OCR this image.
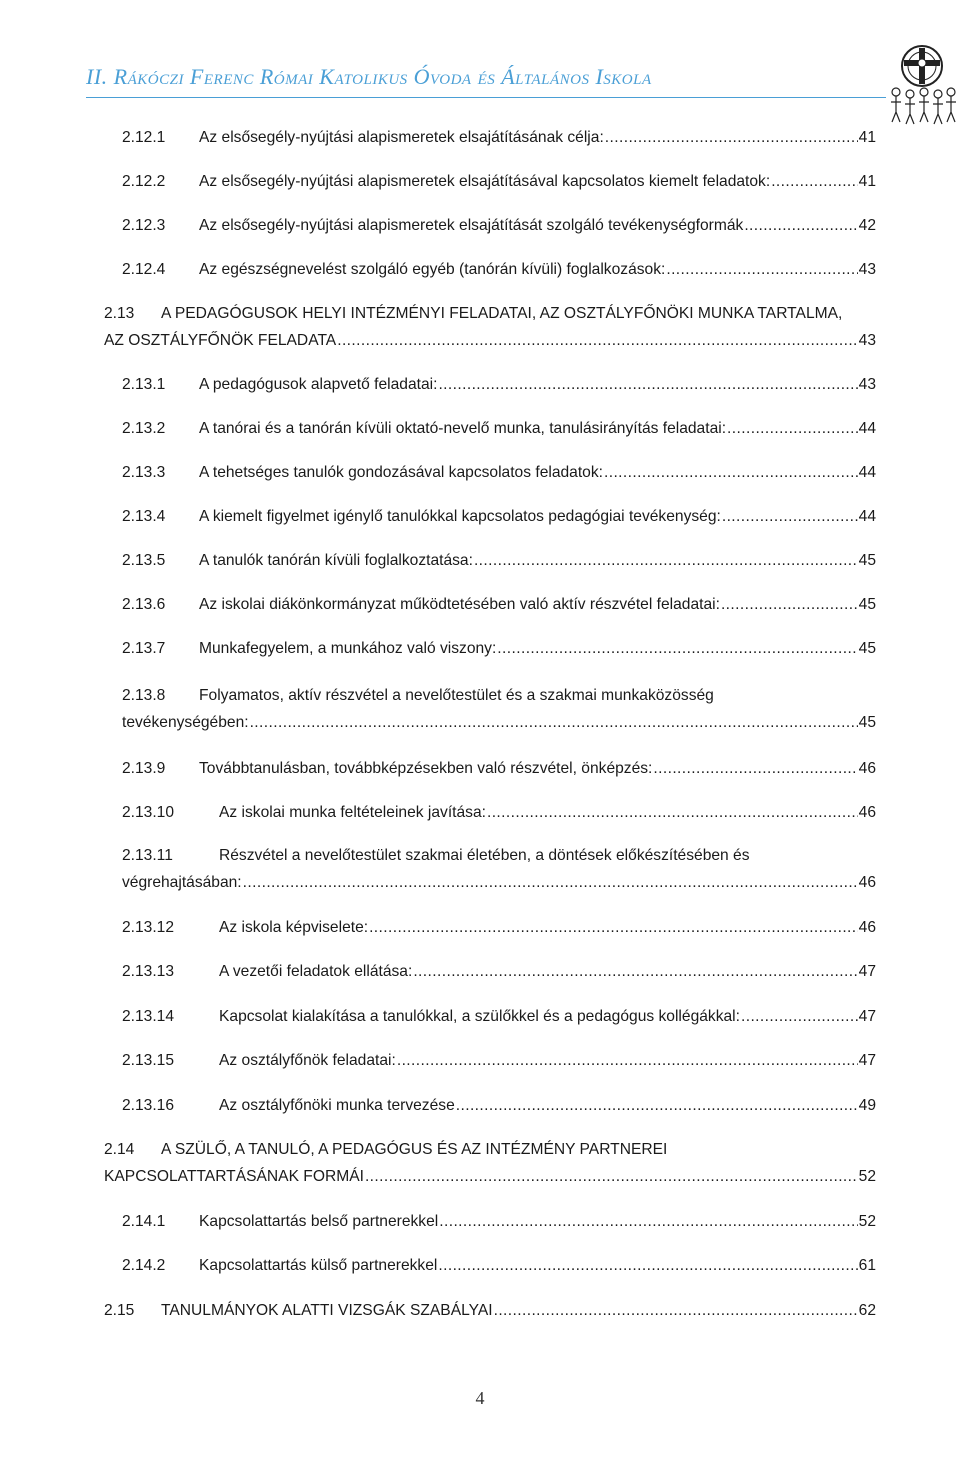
II. Rákóczi Ferenc Római Katolikus Óvoda és Általános Iskola
2.12.1	Az elsősegély-nyújtási alapismeretek elsajátításának célja: .....	41
2.12.2	Az elsősegély-nyújtási alapismeretek elsajátításával kapcsolatos kiemelt feladatok: .....	41
2.12.3	Az elsősegély-nyújtási alapismeretek elsajátítását szolgáló tevékenységformák .....	42
2.12.4	Az egészségnevelést szolgáló egyéb (tanórán kívüli) foglalkozások: .....	43
2.13 A PEDAGÓGUSOK HELYI INTÉZMÉNYI FELADATAI, AZ OSZTÁLYFŐNÖKI MUNKA TARTALMA,
AZ OSZTÁLYFŐNÖK FELADATA .....	43
2.13.1	A pedagógusok alapvető feladatai: .....	43
2.13.2	A tanórai és a tanórán kívüli oktató-nevelő munka, tanulásirányítás feladatai: .....	44
2.13.3	A tehetséges tanulók gondozásával kapcsolatos feladatok: .....	44
2.13.4	A kiemelt figyelmet igénylő tanulókkal kapcsolatos pedagógiai tevékenység: .....	44
2.13.5	A tanulók tanórán kívüli foglalkoztatása: .....	45
2.13.6	Az iskolai diákönkormányzat működtetésében való aktív részvétel feladatai: .....	45
2.13.7	Munkafegyelem, a munkához való viszony: .....	45
2.13.8 Folyamatos, aktív részvétel a nevelőtestület és a szakmai munkaközösség
tevékenységében: .....	45
2.13.9	Továbbtanulásban, továbbképzésekben való részvétel, önképzés: .....	46
2.13.10	Az iskolai munka feltételeinek javítása: .....	46
2.13.11	Részvétel a nevelőtestület szakmai életében, a döntések előkészítésében és
végrehajtásában: .....	46
2.13.12	Az iskola képviselete: .....	46
2.13.13	A vezetői feladatok ellátása: .....	47
2.13.14	Kapcsolat kialakítása a tanulókkal, a szülőkkel és a pedagógus kollégákkal: .....	47
2.13.15	Az osztályfőnök feladatai: .....	47
2.13.16	Az osztályfőnöki munka tervezése .....	49
2.14 A SZÜLŐ, A TANULÓ, A PEDAGÓGUS ÉS AZ INTÉZMÉNY PARTNEREI
KAPCSOLATTARTÁSÁNAK FORMÁI .....	52
2.14.1	Kapcsolattartás belső partnerekkel .....	52
2.14.2	Kapcsolattartás külső partnerekkel .....	61
2.15	TANULMÁNYOK ALATTI VIZSGÁK SZABÁLYAI .....	62
4
